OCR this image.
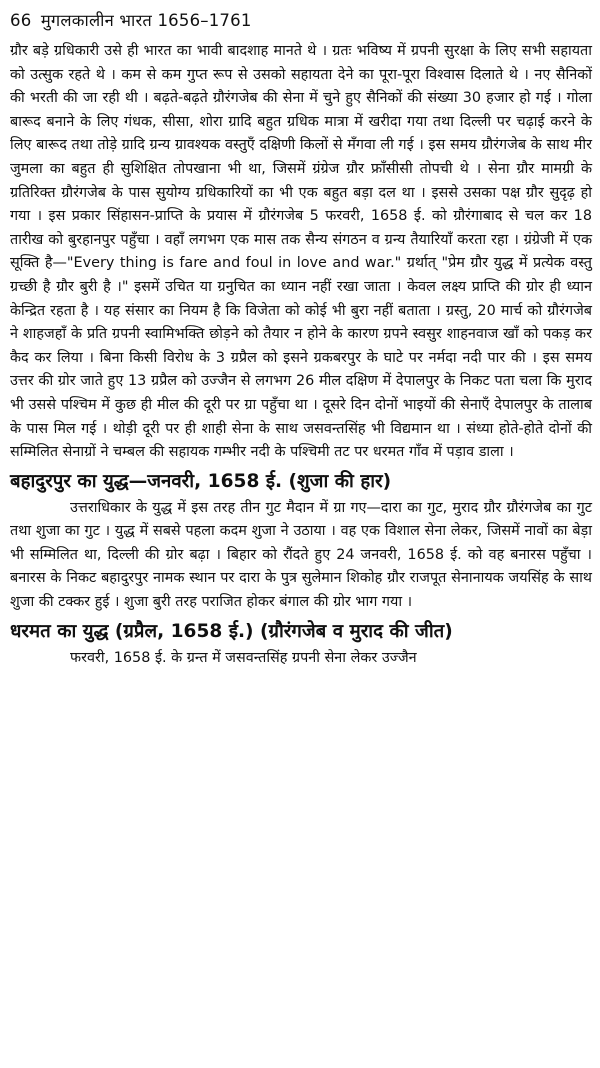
66 मुगलकालीन भारत 1656–1761

ग्रौर बड़े ग्रधिकारी उसे ही भारत का भावी बादशाह मानते थे । ग्रतः भविष्य में ग्रपनी सुरक्षा के लिए सभी सहायता को उत्सुक रहते थे । कम से कम गुप्त रूप से उसको सहायता देने का पूरा-पूरा विश्वास दिलाते थे । नए सैनिकों की भरती की जा रही थी । बढ़ते-बढ़ते ग्रौरंगजेब की सेना में चुने हुए सैनिकों की संख्या 30 हजार हो गई । गोला बारूद बनाने के लिए गंधक, सीसा, शोरा ग्रादि बहुत ग्रधिक मात्रा में खरीदा गया तथा दिल्ली पर चढ़ाई करने के लिए बारूद तथा तोड़े ग्रादि ग्रन्य ग्रावश्यक वस्तुएँ दक्षिणी किलों से मँगवा ली गई । इस समय ग्रौरंगजेब के साथ मीर जुमला का बहुत ही सुशिक्षित तोपखाना भी था, जिसमें ग्रंग्रेज ग्रौर फ्राँसीसी तोपची थे । सेना ग्रौर मामग्री के ग्रतिरिक्त ग्रौरंगजेब के पास सुयोग्य ग्रधिकारियों का भी एक बहुत बड़ा दल था । इससे उसका पक्ष ग्रौर सुदृढ़ हो गया । इस प्रकार सिंहासन-प्राप्ति के प्रयास में ग्रौरंगजेब 5 फरवरी, 1658 ई. को ग्रौरंगाबाद से चल कर 18 तारीख को बुरहानपुर पहुँचा । वहाँ लगभग एक मास तक सैन्य संगठन व ग्रन्य तैयारियाँ करता रहा । ग्रंग्रेजी में एक सूक्ति है—"Every thing is fare and foul in love and war." ग्रर्थात् "प्रेम ग्रौर युद्ध में प्रत्येक वस्तु ग्रच्छी है ग्रौर बुरी है ।" इसमें उचित या ग्रनुचित का ध्यान नहीं रखा जाता । केवल लक्ष्य प्राप्ति की ग्रोर ही ध्यान केन्द्रित रहता है । यह संसार का नियम है कि विजेता को कोई भी बुरा नहीं बताता । ग्रस्तु, 20 मार्च को ग्रौरंगजेब ने शाहजहाँ के प्रति ग्रपनी स्वामिभक्ति छोड़ने को तैयार न होने के कारण ग्रपने स्वसुर शाहनवाज खाँ को पकड़ कर कैद कर लिया । बिना किसी विरोध के 3 ग्रप्रैल को इसने ग्रकबरपुर के घाटे पर नर्मदा नदी पार की । इस समय उत्तर की ग्रोर जाते हुए 13 ग्रप्रैल को उज्जैन से लगभग 26 मील दक्षिण में देपालपुर के निकट पता चला कि मुराद भी उससे पश्चिम में कुछ ही मील की दूरी पर ग्रा पहुँचा था । दूसरे दिन दोनों भाइयों की सेनाएँ देपालपुर के तालाब के पास मिल गई । थोड़ी दूरी पर ही शाही सेना के साथ जसवन्तसिंह भी विद्यमान था । संध्या होते-होते दोनों की सम्मिलित सेनाग्रों ने चम्बल की सहायक गम्भीर नदी के पश्चिमी तट पर धरमत गाँव में पड़ाव डाला ।

बहादुरपुर का युद्ध—जनवरी, 1658 ई. (शुजा की हार)

उत्तराधिकार के युद्ध में इस तरह तीन गुट मैदान में ग्रा गए—दारा का गुट, मुराद ग्रौर ग्रौरंगजेब का गुट तथा शुजा का गुट । युद्ध में सबसे पहला कदम शुजा ने उठाया । वह एक विशाल सेना लेकर, जिसमें नावों का बेड़ा भी सम्मिलित था, दिल्ली की ग्रोर बढ़ा । बिहार को रौंदते हुए 24 जनवरी, 1658 ई. को वह बनारस पहुँचा । बनारस के निकट बहादुरपुर नामक स्थान पर दारा के पुत्र सुलेमान शिकोह ग्रौर राजपूत सेनानायक जयसिंह के साथ शुजा की टक्कर हुई । शुजा बुरी तरह पराजित होकर बंगाल की ग्रोर भाग गया ।

धरमत का युद्ध (ग्रप्रैल, 1658 ई.) (ग्रौरंगजेब व मुराद की जीत)

फरवरी, 1658 ई. के ग्रन्त में जसवन्तसिंह ग्रपनी सेना लेकर उज्जैन
